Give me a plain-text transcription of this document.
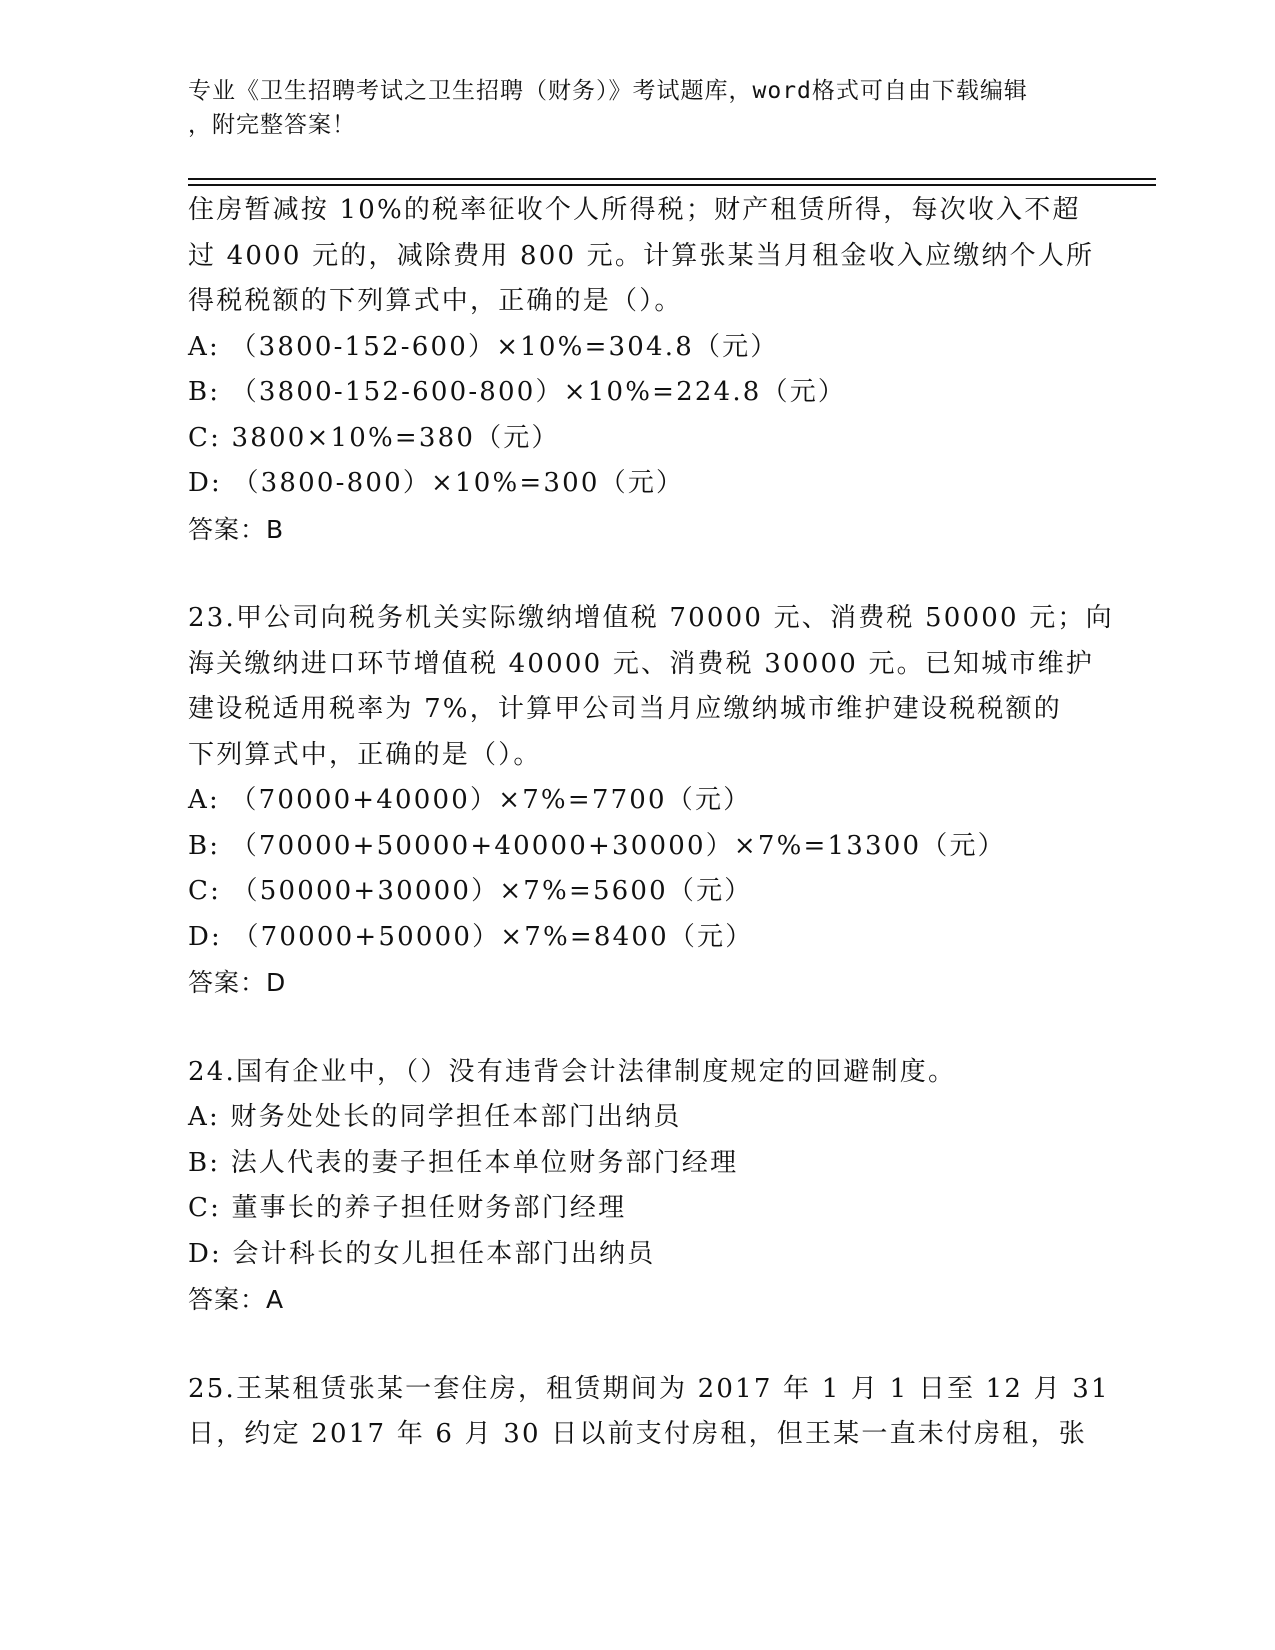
专业《卫生招聘考试之卫生招聘（财务）》考试题库，word格式可自由下载编辑
，附完整答案！
住房暂减按 10%的税率征收个人所得税；财产租赁所得，每次收入不超
过 4000 元的，减除费用 800 元。计算张某当月租金收入应缴纳个人所
得税税额的下列算式中，正确的是（）。
A: （3800-152-600）×10%=304.8（元）
B: （3800-152-600-800）×10%=224.8（元）
C: 3800×10%=380（元）
D: （3800-800）×10%=300（元）
答案：B
23.甲公司向税务机关实际缴纳增值税 70000 元、消费税 50000 元；向
海关缴纳进口环节增值税 40000 元、消费税 30000 元。已知城市维护
建设税适用税率为 7%，计算甲公司当月应缴纳城市维护建设税税额的
下列算式中，正确的是（）。
A: （70000+40000）×7%=7700（元）
B: （70000+50000+40000+30000）×7%=13300（元）
C: （50000+30000）×7%=5600（元）
D: （70000+50000）×7%=8400（元）
答案：D
24.国有企业中，（）没有违背会计法律制度规定的回避制度。
A: 财务处处长的同学担任本部门出纳员
B: 法人代表的妻子担任本单位财务部门经理
C: 董事长的养子担任财务部门经理
D: 会计科长的女儿担任本部门出纳员
答案：A
25.王某租赁张某一套住房，租赁期间为 2017 年 1 月 1 日至 12 月 31
日，约定 2017 年 6 月 30 日以前支付房租，但王某一直未付房租，张
